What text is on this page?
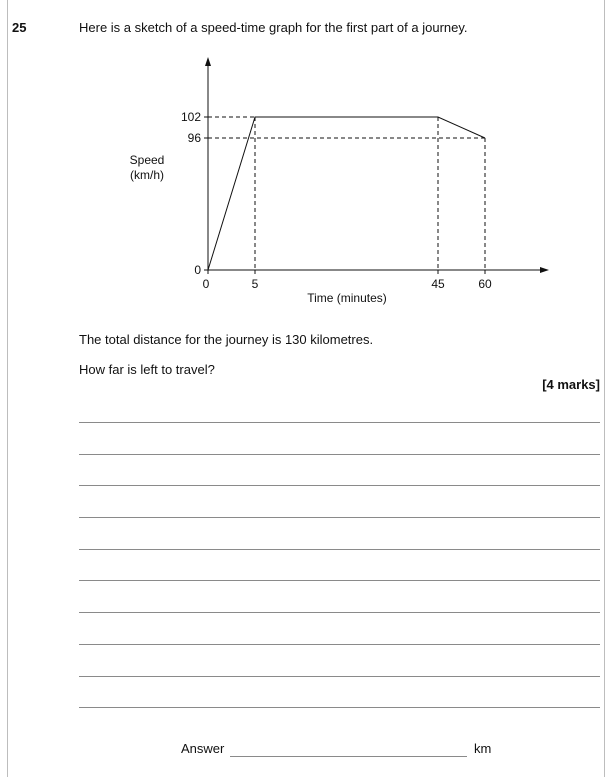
25	Here is a sketch of a speed-time graph for the first part of a journey.
102
96
0
0	5	45	60
Speed
(km/h)
Time (minutes)
The total distance for the journey is 130 kilometres.
How far is left to travel?
[4 marks]
Answer	km
